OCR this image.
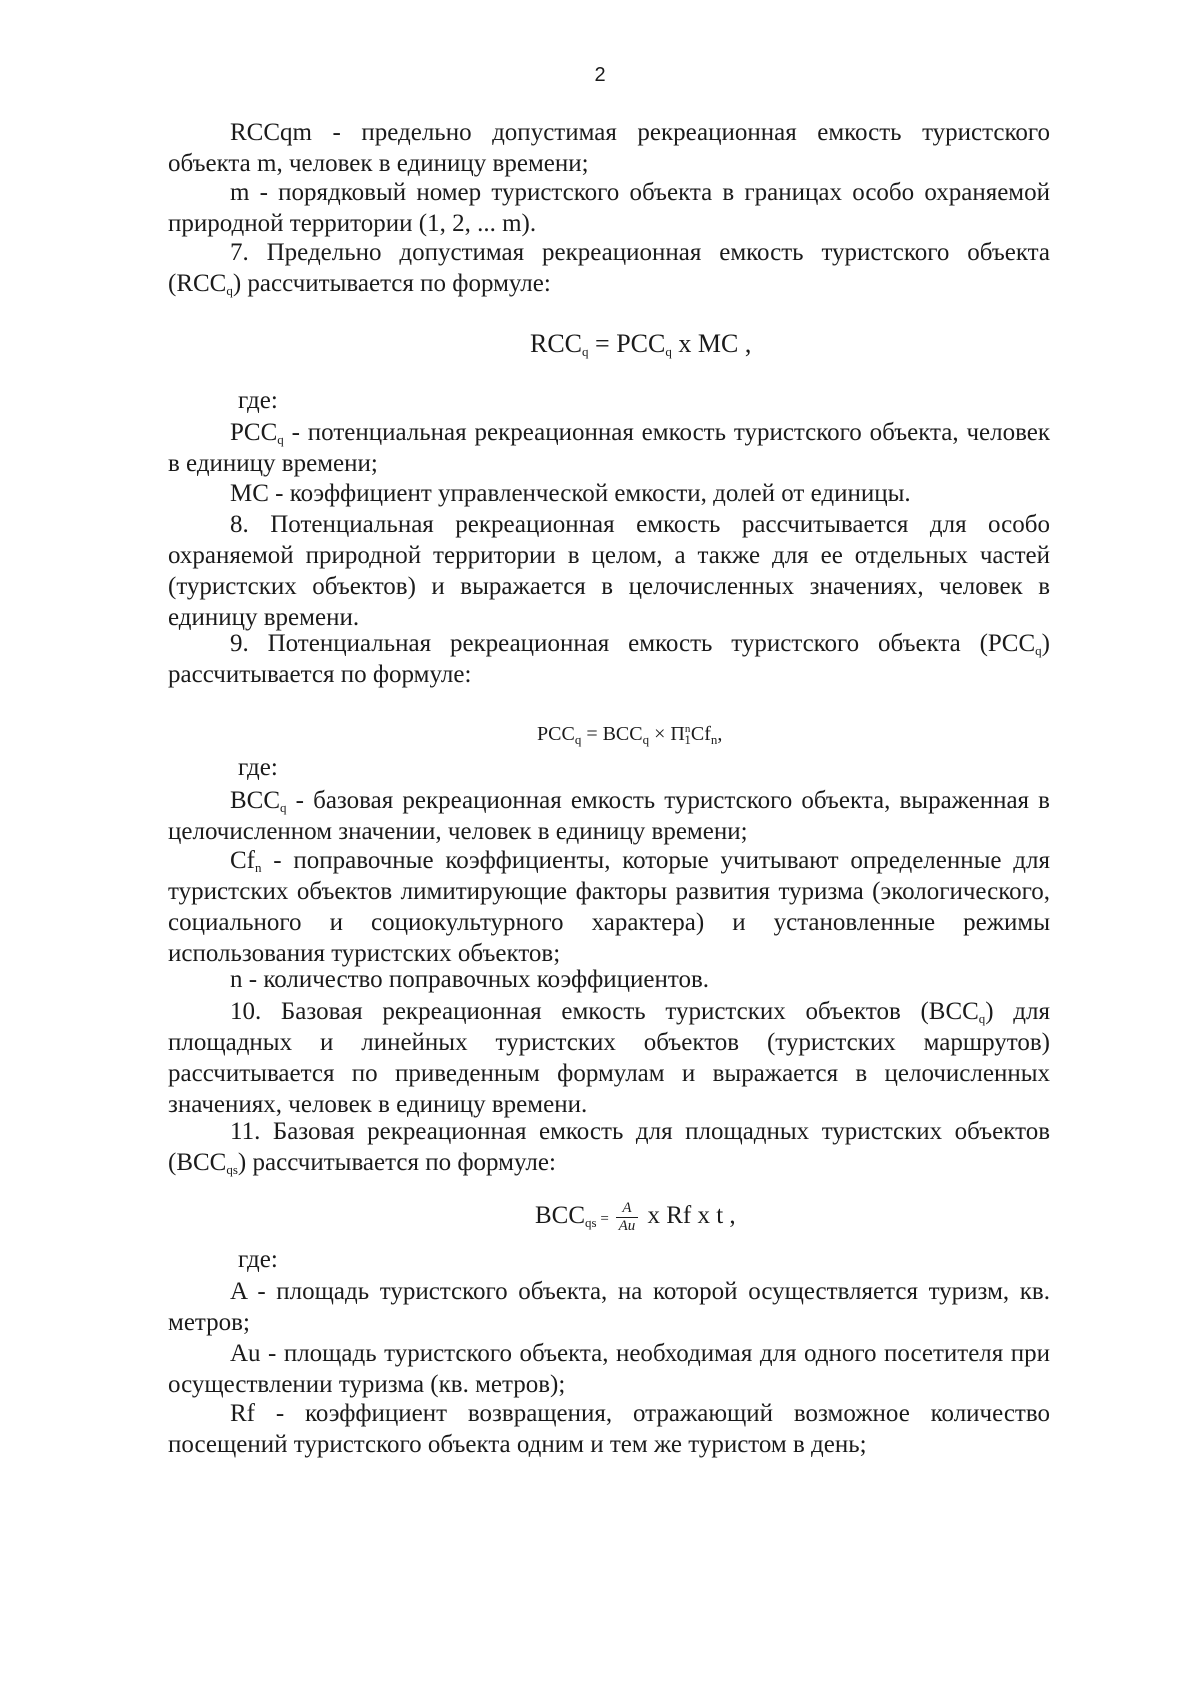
2

RCCqm - предельно допустимая рекреационная емкость туристского объекта m, человек в единицу времени;

m - порядковый номер туристского объекта в границах особо охраняемой природной территории (1, 2, ... m).

7. Предельно допустимая рекреационная емкость туристского объекта $(RCC_q)$ рассчитывается по формуле:

$RCC_q = PCC_q$ x MC ,
где:

$PCC_q$ - потенциальная рекреационная емкость туристского объекта, человек в единицу времени;

MC - коэффициент управленческой емкости, долей от единицы.

8. Потенциальная рекреационная емкость рассчитывается для особо охраняемой природной территории в целом, а также для ее отдельных частей (туристских объектов) и выражается в целочисленных значениях, человек в единицу времени.

9. Потенциальная рекреационная емкость туристского объекта $(PCC_q)$ рассчитывается по формуле:

$PCC_q = BCC_q \times П^n_1Cf_n$,
где:

$BCC_q$ - базовая рекреационная емкость туристского объекта, выраженная в целочисленном значении, человек в единицу времени;

$Cf_n$ - поправочные коэффициенты, которые учитывают определенные для туристских объектов лимитирующие факторы развития туризма (экологического, социального и социокультурного характера) и установленные режимы использования туристских объектов;

n - количество поправочных коэффициентов.

10. Базовая рекреационная емкость туристских объектов $(BCC_q)$ для площадных и линейных туристских объектов (туристских маршрутов) рассчитывается по приведенным формулам и выражается в целочисленных значениях, человек в единицу времени.

11. Базовая рекреационная емкость для площадных туристских объектов $(BCC_{qs})$ рассчитывается по формуле:

$BCC_{qs} = \frac{A}{Au}$ x Rf x t ,
где:

A - площадь туристского объекта, на которой осуществляется туризм, кв. метров;

Au - площадь туристского объекта, необходимая для одного посетителя при осуществлении туризма (кв. метров);

Rf - коэффициент возвращения, отражающий возможное количество посещений туристского объекта одним и тем же туристом в день;
